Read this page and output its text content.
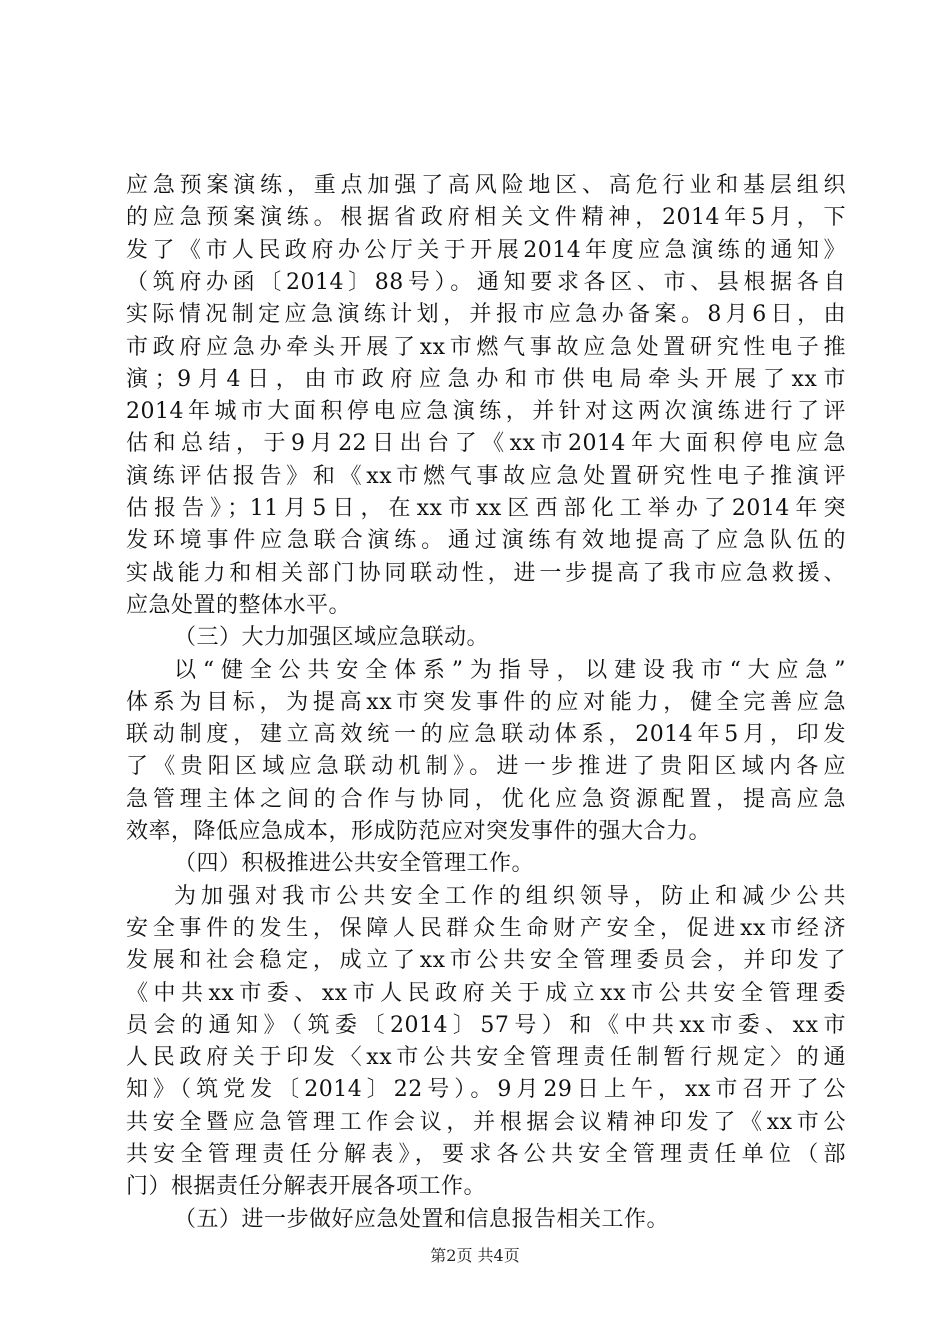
应急预案演练，重点加强了高风险地区、高危行业和基层组织
的应急预案演练。根据省政府相关文件精神，2014年5月，下
发了《市人民政府办公厅关于开展2014年度应急演练的通知》
（筑府办函〔2014〕88号）。通知要求各区、市、县根据各自
实际情况制定应急演练计划，并报市应急办备案。8月6日，由
市政府应急办牵头开展了xx市燃气事故应急处置研究性电子推
演；9月4日，由市政府应急办和市供电局牵头开展了xx市
2014年城市大面积停电应急演练，并针对这两次演练进行了评
估和总结，于9月22日出台了《xx市2014年大面积停电应急
演练评估报告》和《xx市燃气事故应急处置研究性电子推演评
估报告》；11月5日，在xx市xx区西部化工举办了2014年突
发环境事件应急联合演练。通过演练有效地提高了应急队伍的
实战能力和相关部门协同联动性，进一步提高了我市应急救援、
应急处置的整体水平。
（三）大力加强区域应急联动。
以“健全公共安全体系”为指导，以建设我市“大应急”
体系为目标，为提高xx市突发事件的应对能力，健全完善应急
联动制度，建立高效统一的应急联动体系，2014年5月，印发
了《贵阳区域应急联动机制》。进一步推进了贵阳区域内各应
急管理主体之间的合作与协同，优化应急资源配置，提高应急
效率，降低应急成本，形成防范应对突发事件的强大合力。
（四）积极推进公共安全管理工作。
为加强对我市公共安全工作的组织领导，防止和减少公共
安全事件的发生，保障人民群众生命财产安全，促进xx市经济
发展和社会稳定，成立了xx市公共安全管理委员会，并印发了
《中共xx市委、xx市人民政府关于成立xx市公共安全管理委
员会的通知》（筑委〔2014〕57号）和《中共xx市委、xx市
人民政府关于印发〈xx市公共安全管理责任制暂行规定〉的通
知》（筑党发〔2014〕22号）。9月29日上午，xx市召开了公
共安全暨应急管理工作会议，并根据会议精神印发了《xx市公
共安全管理责任分解表》，要求各公共安全管理责任单位（部
门）根据责任分解表开展各项工作。
（五）进一步做好应急处置和信息报告相关工作。
第2页 共4页
